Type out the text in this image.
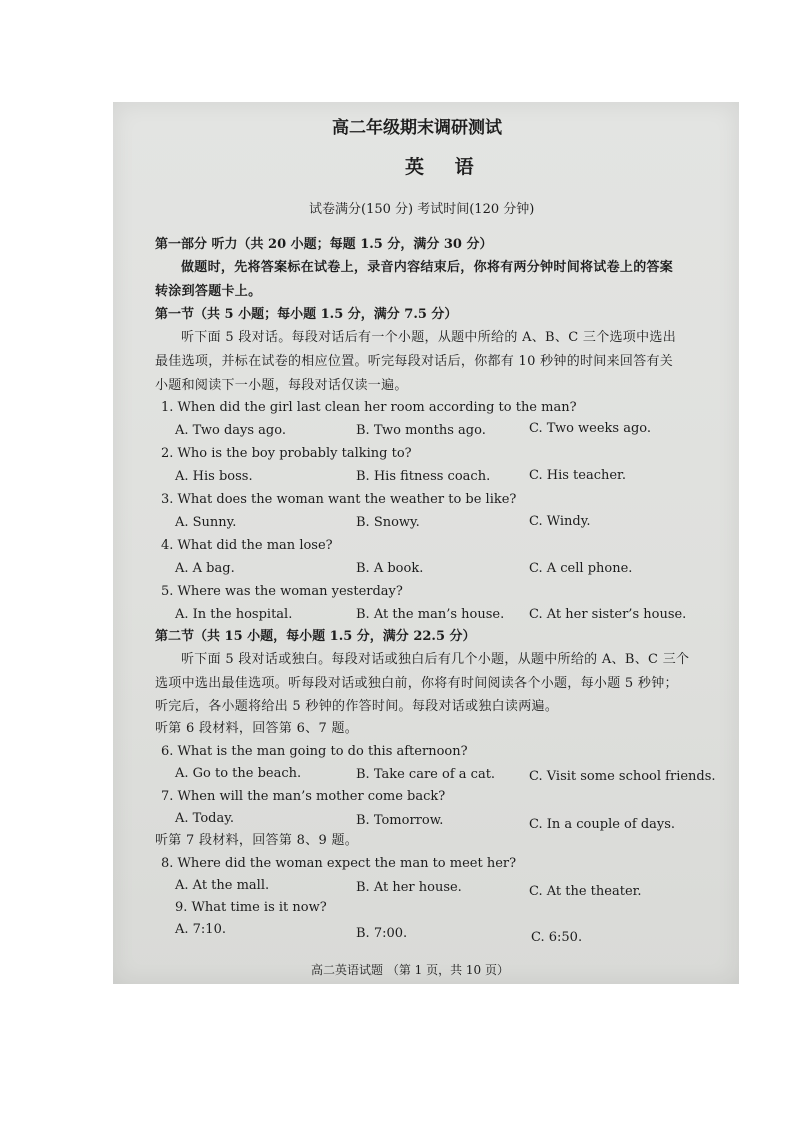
高二年级期末调研测试
英 语
试卷满分(150 分) 考试时间(120 分钟)
第一部分 听力（共 20 小题；每题 1.5 分，满分 30 分）
做题时，先将答案标在试卷上，录音内容结束后，你将有两分钟时间将试卷上的答案
转涂到答题卡上。
第一节（共 5 小题；每小题 1.5 分，满分 7.5 分）
听下面 5 段对话。每段对话后有一个小题，从题中所给的 A、B、C 三个选项中选出
最佳选项，并标在试卷的相应位置。听完每段对话后，你都有 10 秒钟的时间来回答有关
小题和阅读下一小题，每段对话仅读一遍。
1. When did the girl last clean her room according to the man?
A. Two days ago.	B. Two months ago.	C. Two weeks ago.
2. Who is the boy probably talking to?
A. His boss.	B. His fitness coach.	C. His teacher.
3. What does the woman want the weather to be like?
A. Sunny.	B. Snowy.	C. Windy.
4. What did the man lose?
A. A bag.	B. A book.	C. A cell phone.
5. Where was the woman yesterday?
A. In the hospital.	B. At the man’s house. C. At her sister’s house.
第二节（共 15 小题，每小题 1.5 分，满分 22.5 分）
听下面 5 段对话或独白。每段对话或独白后有几个小题，从题中所给的 A、B、C 三个
选项中选出最佳选项。听每段对话或独白前，你将有时间阅读各个小题，每小题 5 秒钟；
听完后，各小题将给出 5 秒钟的作答时间。每段对话或独白读两遍。
听第 6 段材料，回答第 6、7 题。
6. What is the man going to do this afternoon?
A. Go to the beach.	B. Take care of a cat.	C. Visit some school friends.
7. When will the man’s mother come back?
A. Today.	B. Tomorrow.	C. In a couple of days.
听第 7 段材料，回答第 8、9 题。
8. Where did the woman expect the man to meet her?
A. At the mall.	B. At her house.	C. At the theater.
9. What time is it now?
A. 7:10.	B. 7:00.	C. 6:50.
高二英语试题 （第 1 页，共 10 页）
